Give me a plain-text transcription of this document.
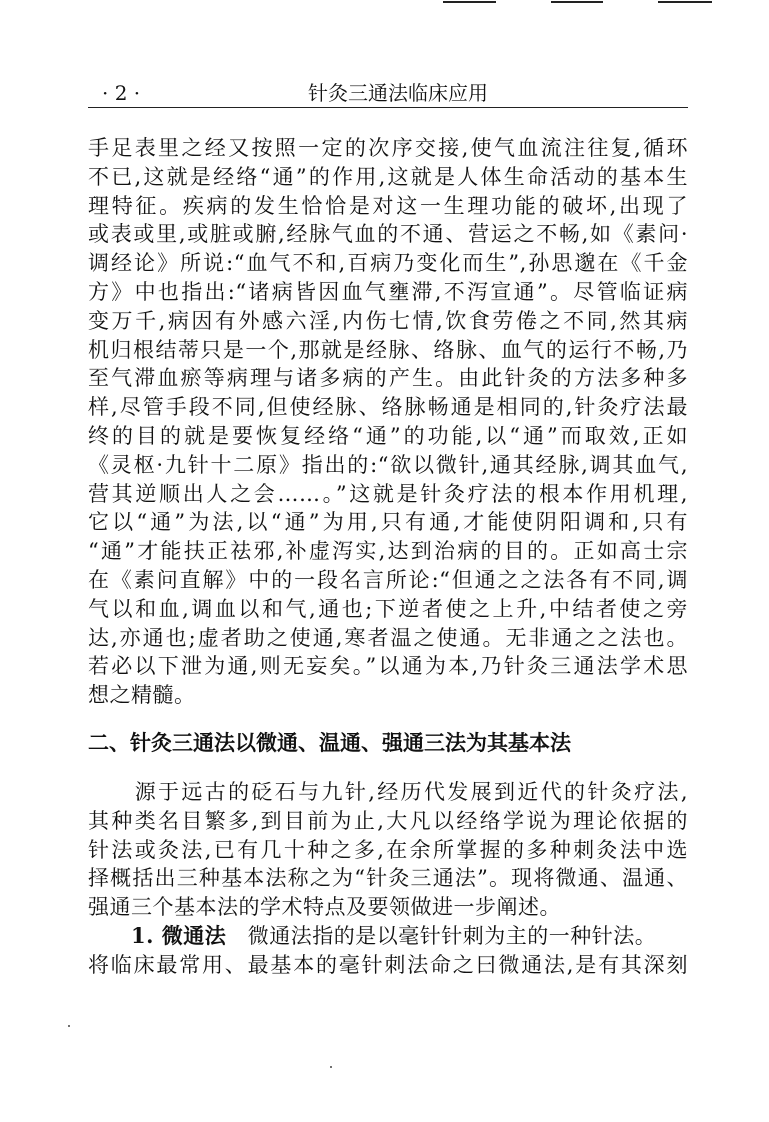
· 2 ·	针灸三通法临床应用
手足表里之经又按照一定的次序交接,使气血流注往复,循环
不已,这就是经络“通”的作用,这就是人体生命活动的基本生
理特征。疾病的发生恰恰是对这一生理功能的破坏,出现了
或表或里,或脏或腑,经脉气血的不通、营运之不畅,如《素问·
调经论》所说:“血气不和,百病乃变化而生”,孙思邈在《千金
方》中也指出:“诸病皆因血气壅滞,不泻宣通”。尽管临证病
变万千,病因有外感六淫,内伤七情,饮食劳倦之不同,然其病
机归根结蒂只是一个,那就是经脉、络脉、血气的运行不畅,乃
至气滞血瘀等病理与诸多病的产生。由此针灸的方法多种多
样,尽管手段不同,但使经脉、络脉畅通是相同的,针灸疗法最
终的目的就是要恢复经络“通”的功能,以“通”而取效,正如
《灵枢·九针十二原》指出的:“欲以微针,通其经脉,调其血气,
营其逆顺出人之会……。”这就是针灸疗法的根本作用机理,
它以“通”为法,以“通”为用,只有通,才能使阴阳调和,只有
“通”才能扶正祛邪,补虚泻实,达到治病的目的。正如高士宗
在《素问直解》中的一段名言所论:“但通之之法各有不同,调
气以和血,调血以和气,通也;下逆者使之上升,中结者使之旁
达,亦通也;虚者助之使通,寒者温之使通。无非通之之法也。
若必以下泄为通,则无妄矣。”以通为本,乃针灸三通法学术思
想之精髓。
二、针灸三通法以微通、温通、强通三法为其基本法
　　源于远古的砭石与九针,经历代发展到近代的针灸疗法,
其种类名目繁多,到目前为止,大凡以经络学说为理论依据的
针法或灸法,已有几十种之多,在余所掌握的多种刺灸法中选
择概括出三种基本法称之为“针灸三通法”。现将微通、温通、
强通三个基本法的学术特点及要领做进一步阐述。
　　1. 微通法　微通法指的是以毫针针刺为主的一种针法。
将临床最常用、最基本的毫针刺法命之曰微通法,是有其深刻
